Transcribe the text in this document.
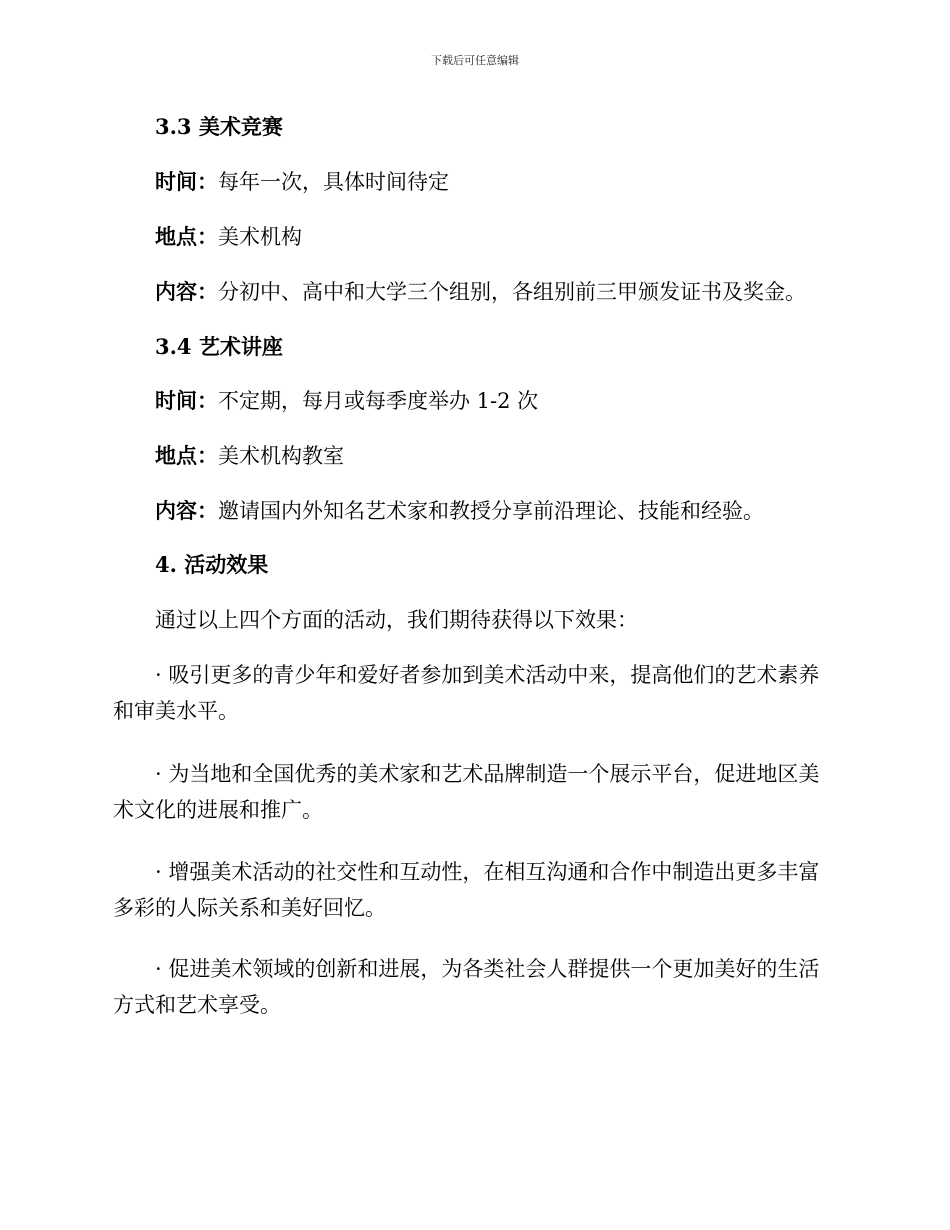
下载后可任意编辑
3.3 美术竞赛
时间：每年一次，具体时间待定
地点：美术机构
内容：分初中、高中和大学三个组别，各组别前三甲颁发证书及奖金。
3.4 艺术讲座
时间：不定期，每月或每季度举办 1-2 次
地点：美术机构教室
内容：邀请国内外知名艺术家和教授分享前沿理论、技能和经验。
4. 活动效果
通过以上四个方面的活动，我们期待获得以下效果：
· 吸引更多的青少年和爱好者参加到美术活动中来，提高他们的艺术素养和审美水平。
· 为当地和全国优秀的美术家和艺术品牌制造一个展示平台，促进地区美术文化的进展和推广。
· 增强美术活动的社交性和互动性，在相互沟通和合作中制造出更多丰富多彩的人际关系和美好回忆。
· 促进美术领域的创新和进展，为各类社会人群提供一个更加美好的生活方式和艺术享受。
